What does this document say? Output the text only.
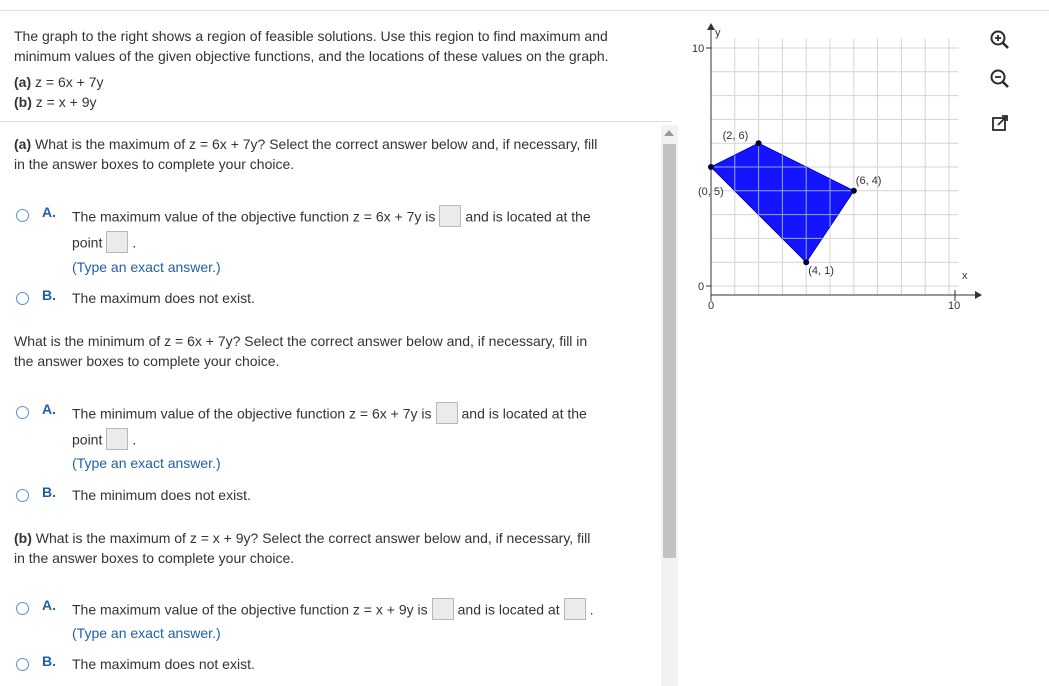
The graph to the right shows a region of feasible solutions. Use this region to find maximum and

minimum values of the given objective functions, and the locations of these values on the graph.

(a) z = 6x + 7y
(b) z = x + 9y
(a) What is the maximum of z = 6x + 7y? Select the correct answer below and, if necessary, fill
in the answer boxes to complete your choice.
A. The maximum value of the objective function z = 6x + 7y is and is located at the
point .
(Type an exact answer.)
B. The maximum does not exist.
What is the minimum of z = 6x + 7y? Select the correct answer below and, if necessary, fill in
the answer boxes to complete your choice.
A. The minimum value of the objective function z = 6x + 7y is and is located at the
point .
(Type an exact answer.)
B. The minimum does not exist.
(b) What is the maximum of z = x + 9y? Select the correct answer below and, if necessary, fill
in the answer boxes to complete your choice.
A. The maximum value of the objective function z = x + 9y is and is located at .
(Type an exact answer.)
B. The maximum does not exist.
y
x
10
0
0	10
(0, 5)
(2, 6)
(6, 4)
(4, 1)
